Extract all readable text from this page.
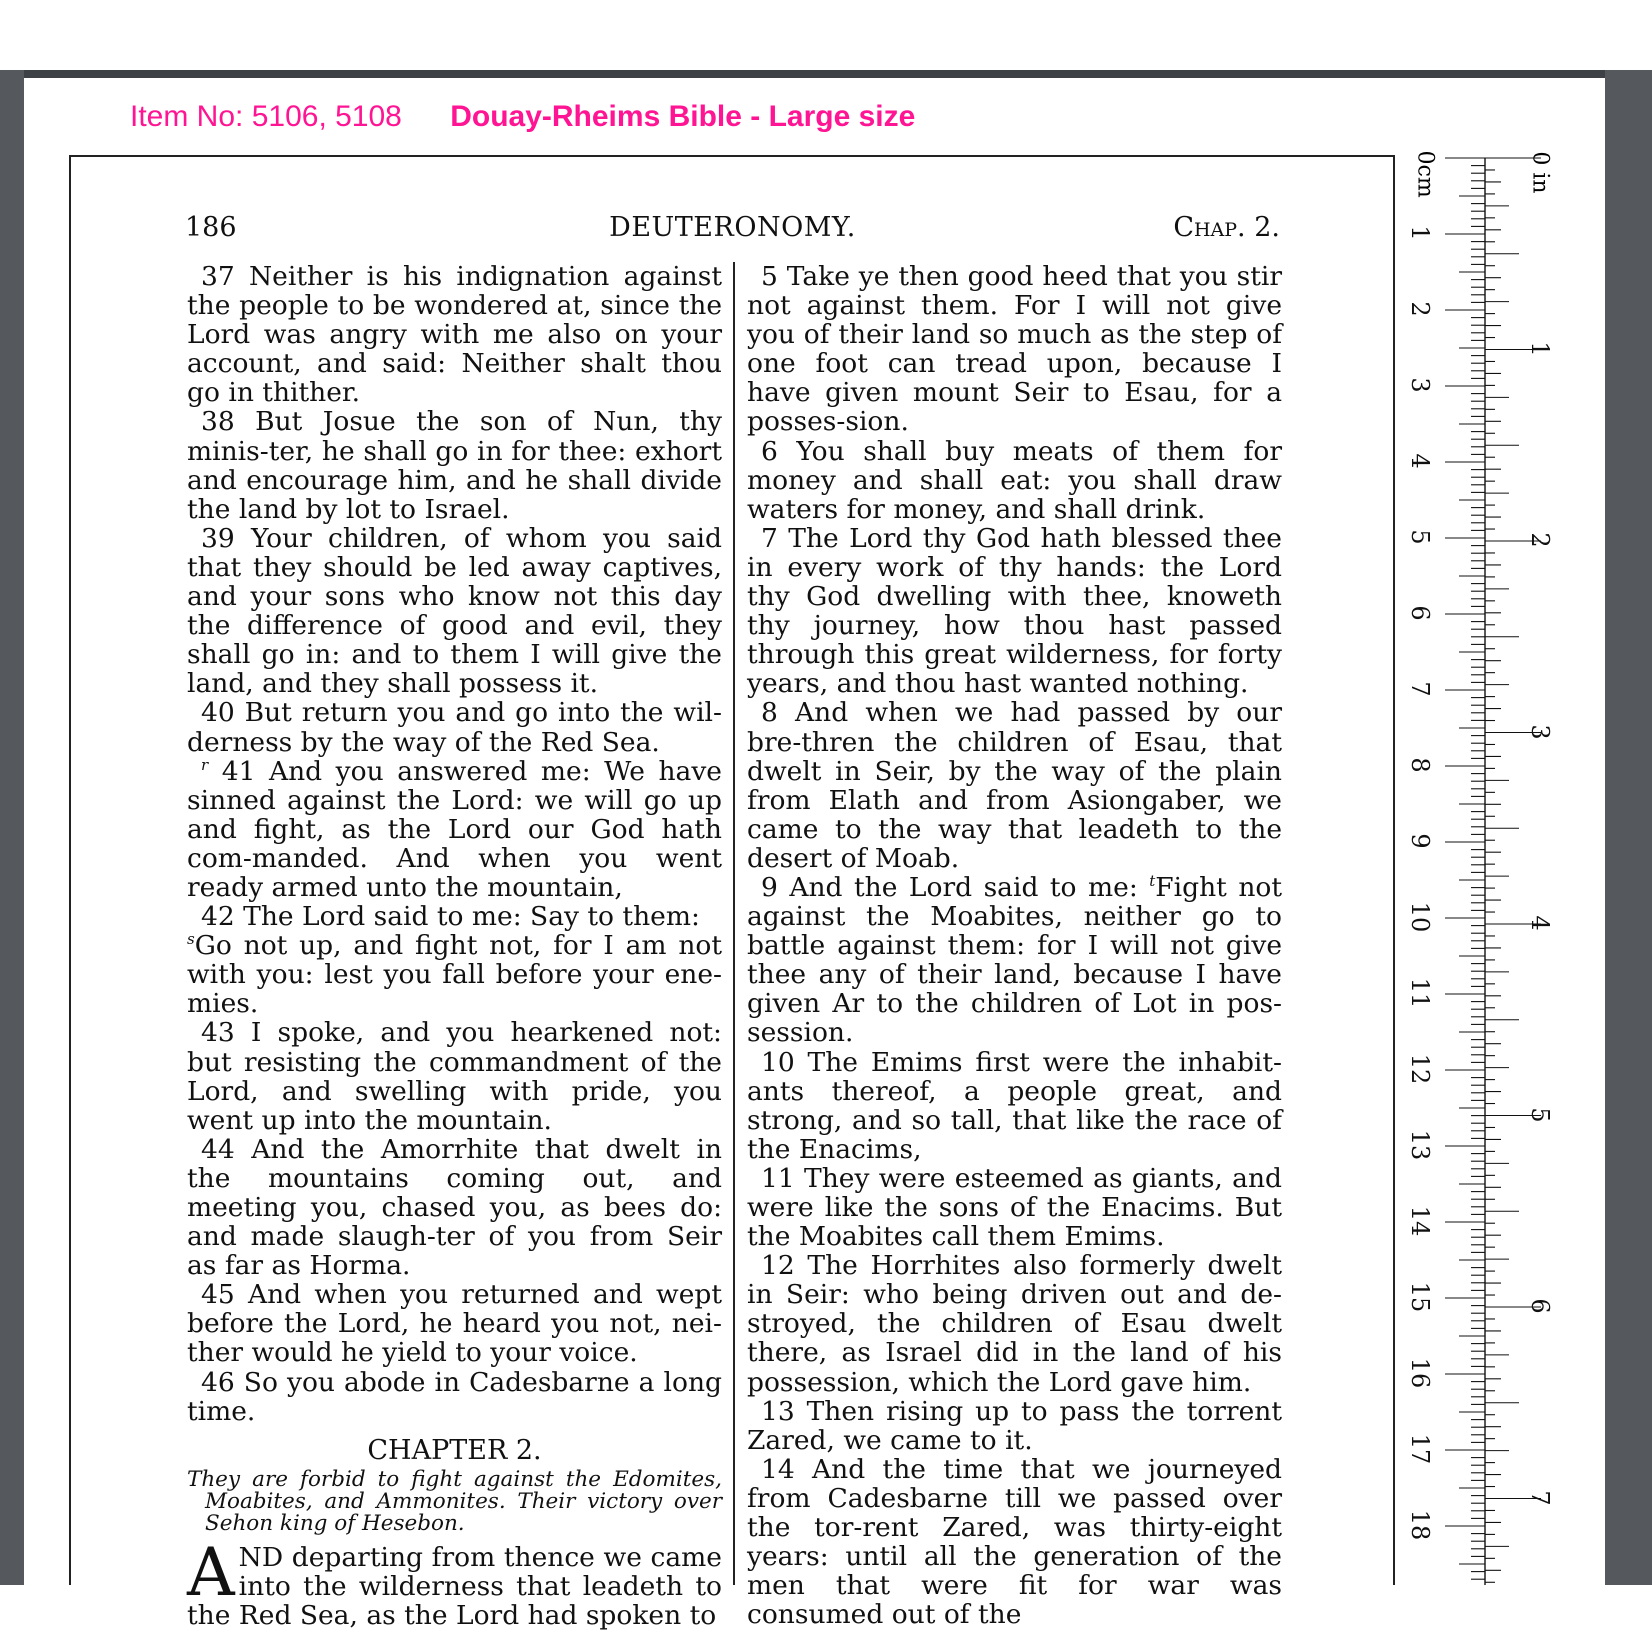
Item No: 5106, 5108 Douay-Rheims Bible - Large size
186	DEUTERONOMY.	Chap. 2.

37 Neither is his indignation against the people to be wondered at, since the Lord was angry with me also on your account, and said: Neither shalt thou go in thither.

38 But Josue the son of Nun, thy minis-ter, he shall go in for thee: exhort and encourage him, and he shall divide the land by lot to Israel.

39 Your children, of whom you said that they should be led away captives, and your sons who know not this day the difference of good and evil, they shall go in: and to them I will give the land, and they shall possess it.

40 But return you and go into the wil-derness by the way of the Red Sea.

$^r$ 41 And you answered me: We have sinned against the Lord: we will go up and fight, as the Lord our God hath com-manded. And when you went ready armed unto the mountain,

42 The Lord said to me: Say to them:

$^s$Go not up, and fight not, for I am not with you: lest you fall before your ene-mies.

43 I spoke, and you hearkened not: but resisting the commandment of the Lord, and swelling with pride, you went up into the mountain.

44 And the Amorrhite that dwelt in the mountains coming out, and meeting you, chased you, as bees do: and made slaugh-ter of you from Seir as far as Horma.

45 And when you returned and wept before the Lord, he heard you not, nei-ther would he yield to your voice.

46 So you abode in Cadesbarne a long time.

CHAPTER 2.

They are forbid to fight against the Edomites, Moabites, and Ammonites. Their victory over Sehon king of Hesebon.

AND departing from thence we came into the wilderness that leadeth to the Red Sea, as the Lord had spoken to

5 Take ye then good heed that you stir not against them. For I will not give you of their land so much as the step of one foot can tread upon, because I have given mount Seir to Esau, for a posses-sion.

6 You shall buy meats of them for money and shall eat: you shall draw waters for money, and shall drink.

7 The Lord thy God hath blessed thee in every work of thy hands: the Lord thy God dwelling with thee, knoweth thy journey, how thou hast passed through this great wilderness, for forty years, and thou hast wanted nothing.

8 And when we had passed by our bre-thren the children of Esau, that dwelt in Seir, by the way of the plain from Elath and from Asiongaber, we came to the way that leadeth to the desert of Moab.

9 And the Lord said to me: $^t$Fight not against the Moabites, neither go to battle against them: for I will not give thee any of their land, because I have given Ar to the children of Lot in pos-session.

10 The Emims first were the inhabit-ants thereof, a people great, and strong, and so tall, that like the race of the Enacims,

11 They were esteemed as giants, and were like the sons of the Enacims. But the Moabites call them Emims.

12 The Horrhites also formerly dwelt in Seir: who being driven out and de-stroyed, the children of Esau dwelt there, as Israel did in the land of his possession, which the Lord gave him.

13 Then rising up to pass the torrent Zared, we came to it.

14 And the time that we journeyed from Cadesbarne till we passed over the tor-rent Zared, was thirty-eight years: until all the generation of the men that were fit for war was consumed out of the

0cm	0 in
1
2
3
4
5
6
7
8
9
10
11
12
13
14
15
16
17
18
1
2
3
4
5
6
7
